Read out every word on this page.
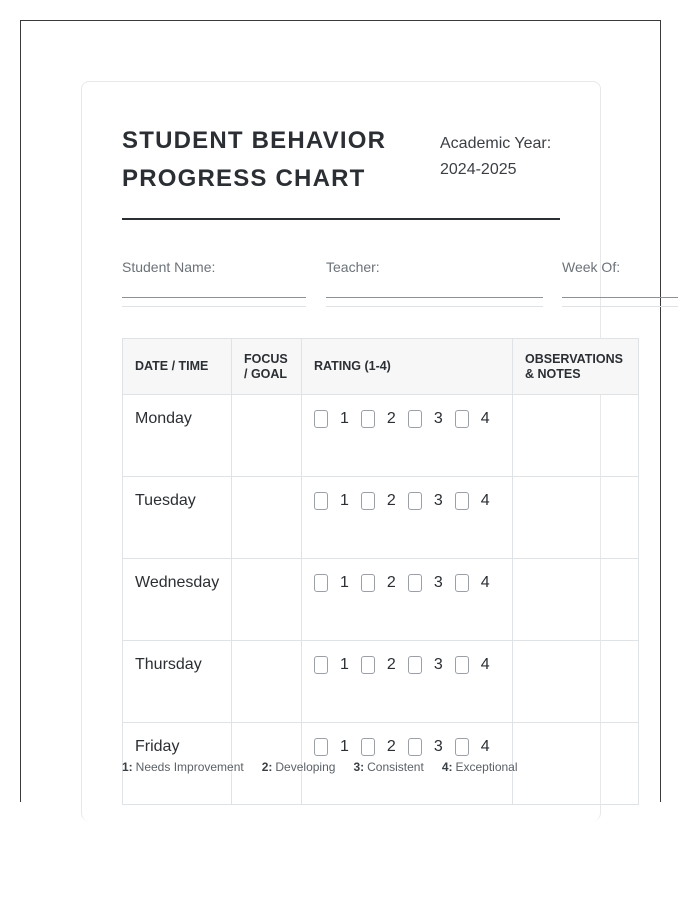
STUDENT BEHAVIOR
PROGRESS CHART
Academic Year:
2024-2025
Student Name:	Teacher:	Week Of:
DATE / TIME	FOCUS / GOAL	RATING (1-4)	OBSERVATIONS & NOTES
Monday		1 2 3 4	

Tuesday		1 2 3 4	

Wednesday		1 2 3 4	

Thursday		1 2 3 4	

Friday		1 2 3 4	

1: Needs Improvement 2: Developing 3: Consistent 4: Exceptional
